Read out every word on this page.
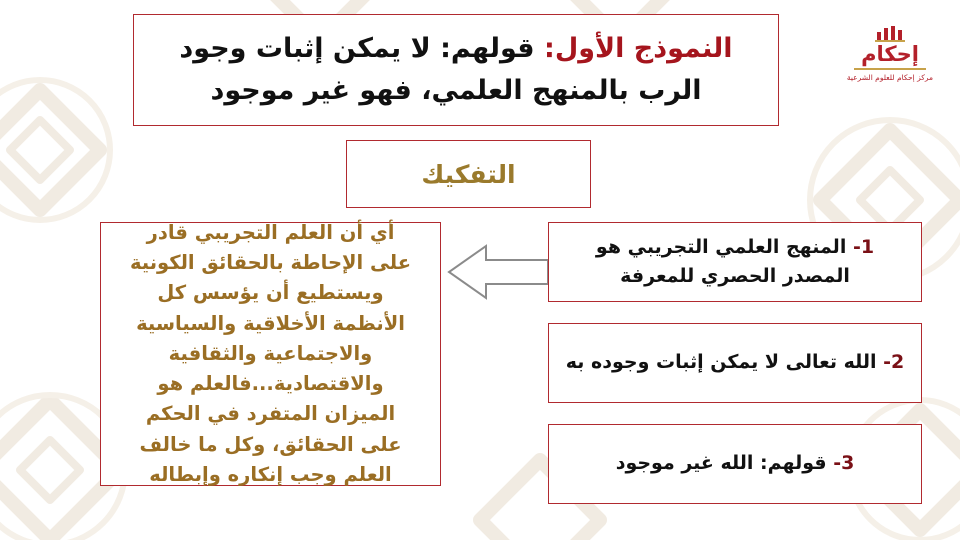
إحكام
مركز إحكام للعلوم الشرعية
النموذج الأول: قولهم: لا يمكن إثبات وجود الرب بالمنهج العلمي، فهو غير موجود
التفكيك
أي أن العلم التجريبي قادر على الإحاطة بالحقائق الكونية ويستطيع أن يؤسس كل الأنظمة الأخلاقية والسياسية والاجتماعية والثقافية والاقتصادية...فالعلم هو الميزان المتفرد في الحكم على الحقائق، وكل ما خالف العلم وجب إنكاره وإبطاله
1- المنهج العلمي التجريبي هو المصدر الحصري للمعرفة
2- الله تعالى لا يمكن إثبات وجوده به
3- قولهم: الله غير موجود
